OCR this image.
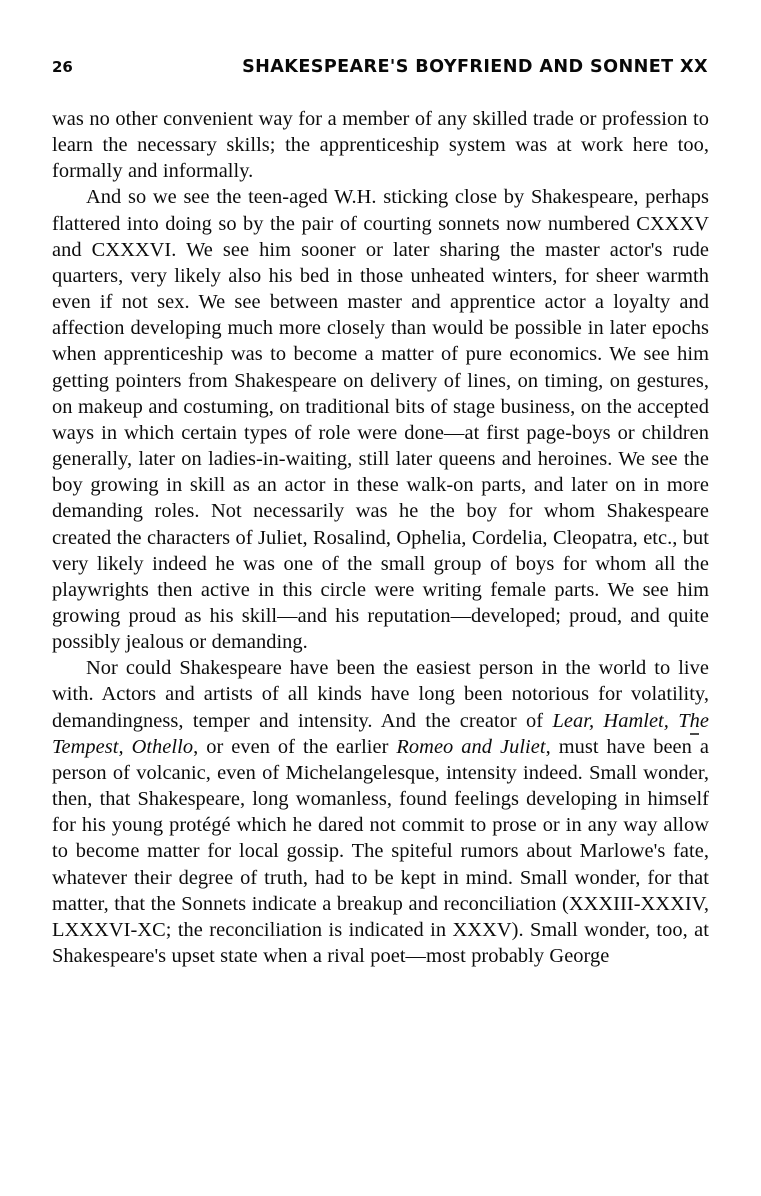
26	SHAKESPEARE'S BOYFRIEND AND SONNET XX

was no other convenient way for a member of any skilled trade or profession to learn the necessary skills; the apprenticeship system was at work here too, formally and informally.

And so we see the teen-aged W.H. sticking close by Shakespeare, perhaps flattered into doing so by the pair of courting sonnets now numbered CXXXV and CXXXVI. We see him sooner or later sharing the master actor's rude quarters, very likely also his bed in those unheated winters, for sheer warmth even if not sex. We see between master and apprentice actor a loyalty and affection developing much more closely than would be possible in later epochs when apprenticeship was to become a matter of pure economics. We see him getting pointers from Shakespeare on delivery of lines, on timing, on gestures, on makeup and costuming, on traditional bits of stage business, on the accepted ways in which certain types of role were done—at first page-boys or children generally, later on ladies-in-waiting, still later queens and heroines. We see the boy growing in skill as an actor in these walk-on parts, and later on in more demanding roles. Not necessarily was he the boy for whom Shakespeare created the characters of Juliet, Rosalind, Ophelia, Cordelia, Cleopatra, etc., but very likely indeed he was one of the small group of boys for whom all the playwrights then active in this circle were writing female parts. We see him growing proud as his skill—and his reputation—developed; proud, and quite possibly jealous or demanding.

Nor could Shakespeare have been the easiest person in the world to live with. Actors and artists of all kinds have long been notorious for volatility, demandingness, temper and intensity. And the creator of Lear, Hamlet, The Tempest, Othello, or even of the earlier Romeo and Juliet, must have been a person of volcanic, even of Michelangelesque, intensity indeed. Small wonder, then, that Shakespeare, long womanless, found feelings developing in himself for his young protégé which he dared not commit to prose or in any way allow to become matter for local gossip. The spiteful rumors about Marlowe's fate, whatever their degree of truth, had to be kept in mind. Small wonder, for that matter, that the Sonnets indicate a breakup and reconciliation (XXXIII-XXXIV, LXXXVI-XC; the reconciliation is indicated in XXXV). Small wonder, too, at Shakespeare's upset state when a rival poet—most probably George
